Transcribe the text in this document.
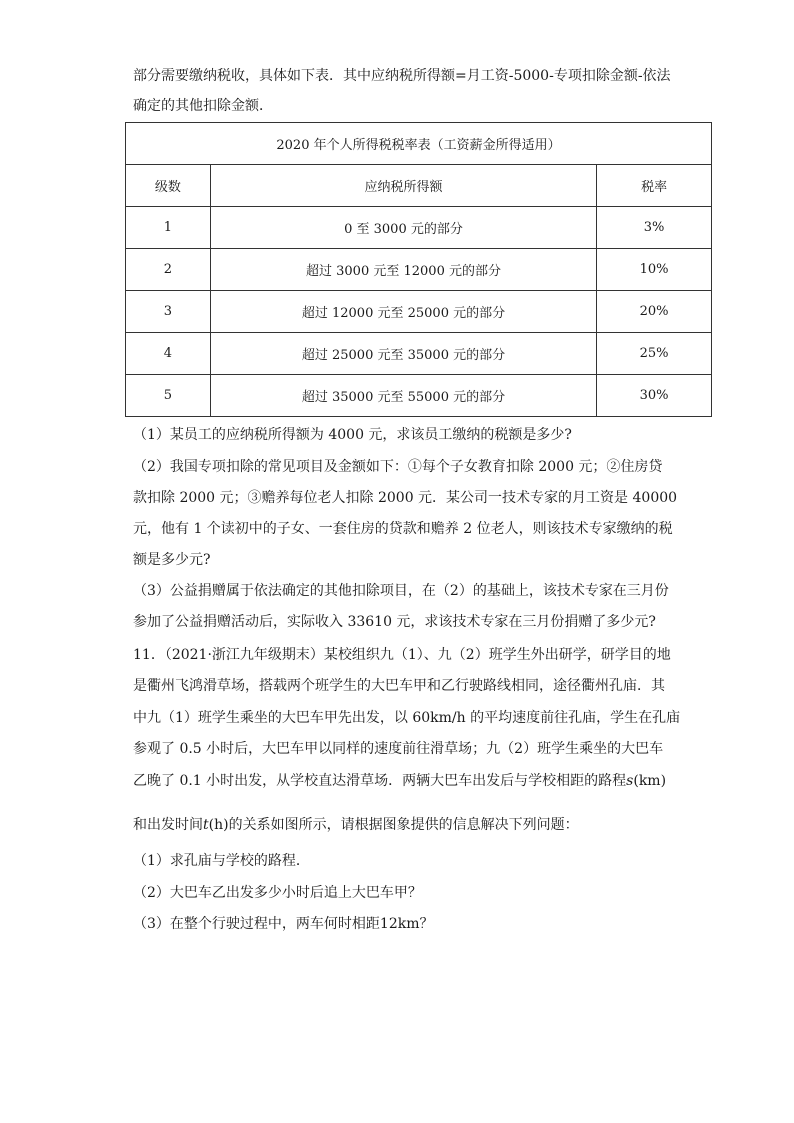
部分需要缴纳税收，具体如下表．其中应纳税所得额=月工资-5000-专项扣除金额-依法
确定的其他扣除金额．
2020 年个人所得税税率表（工资薪金所得适用）		
级数	应纳税所得额	税率
1	0 至 3000 元的部分	3%
2	超过 3000 元至 12000 元的部分	10%
3	超过 12000 元至 25000 元的部分	20%
4	超过 25000 元至 35000 元的部分	25%
5	超过 35000 元至 55000 元的部分	30%
（1）某员工的应纳税所得额为 4000 元，求该员工缴纳的税额是多少?
（2）我国专项扣除的常见项目及金额如下：①每个子女教育扣除 2000 元；②住房贷
款扣除 2000 元；③赡养每位老人扣除 2000 元．某公司一技术专家的月工资是 40000
元，他有 1 个读初中的子女、一套住房的贷款和赡养 2 位老人，则该技术专家缴纳的税
额是多少元?
（3）公益捐赠属于依法确定的其他扣除项目，在（2）的基础上，该技术专家在三月份
参加了公益捐赠活动后，实际收入 33610 元，求该技术专家在三月份捐赠了多少元?
11．（2021·浙江九年级期末）某校组织九（1）、九（2）班学生外出研学，研学目的地
是衢州飞鸿滑草场，搭载两个班学生的大巴车甲和乙行驶路线相同，途径衢州孔庙．其
中九（1）班学生乘坐的大巴车甲先出发，以 60km/h 的平均速度前往孔庙，学生在孔庙
参观了 0.5 小时后，大巴车甲以同样的速度前往滑草场；九（2）班学生乘坐的大巴车
乙晚了 0.1 小时出发，从学校直达滑草场．两辆大巴车出发后与学校相距的路程s(km)
和出发时间t(h)的关系如图所示，请根据图象提供的信息解决下列问题：
（1）求孔庙与学校的路程．
（2）大巴车乙出发多少小时后追上大巴车甲？
（3）在整个行驶过程中，两车何时相距12km？
